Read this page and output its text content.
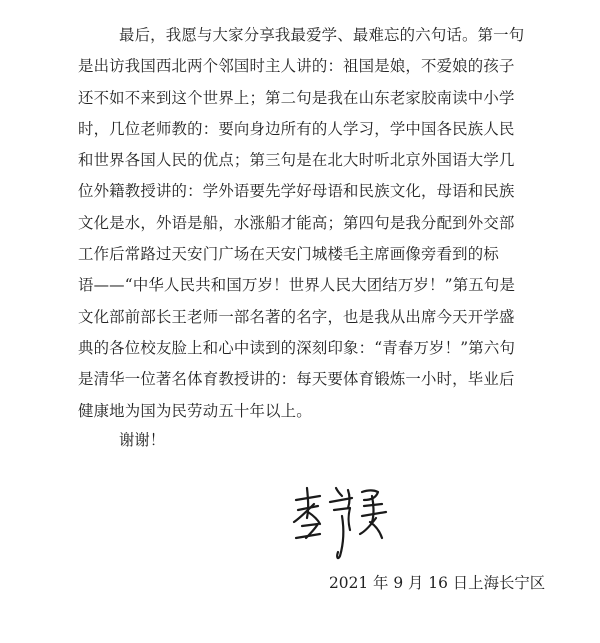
最后，我愿与大家分享我最爱学、最难忘的六句话。第一句
是出访我国西北两个邻国时主人讲的：祖国是娘，不爱娘的孩子
还不如不来到这个世界上；第二句是我在山东老家胶南读中小学
时，几位老师教的：要向身边所有的人学习，学中国各民族人民
和世界各国人民的优点；第三句是在北大时听北京外国语大学几
位外籍教授讲的：学外语要先学好母语和民族文化，母语和民族
文化是水，外语是船，水涨船才能高；第四句是我分配到外交部
工作后常路过天安门广场在天安门城楼毛主席画像旁看到的标
语——“中华人民共和国万岁！世界人民大团结万岁！”第五句是
文化部前部长王老师一部名著的名字，也是我从出席今天开学盛
典的各位校友脸上和心中读到的深刻印象：“青春万岁！”第六句
是清华一位著名体育教授讲的：每天要体育锻炼一小时，毕业后
健康地为国为民劳动五十年以上。
谢谢！
2021 年 9 月 16 日上海长宁区
